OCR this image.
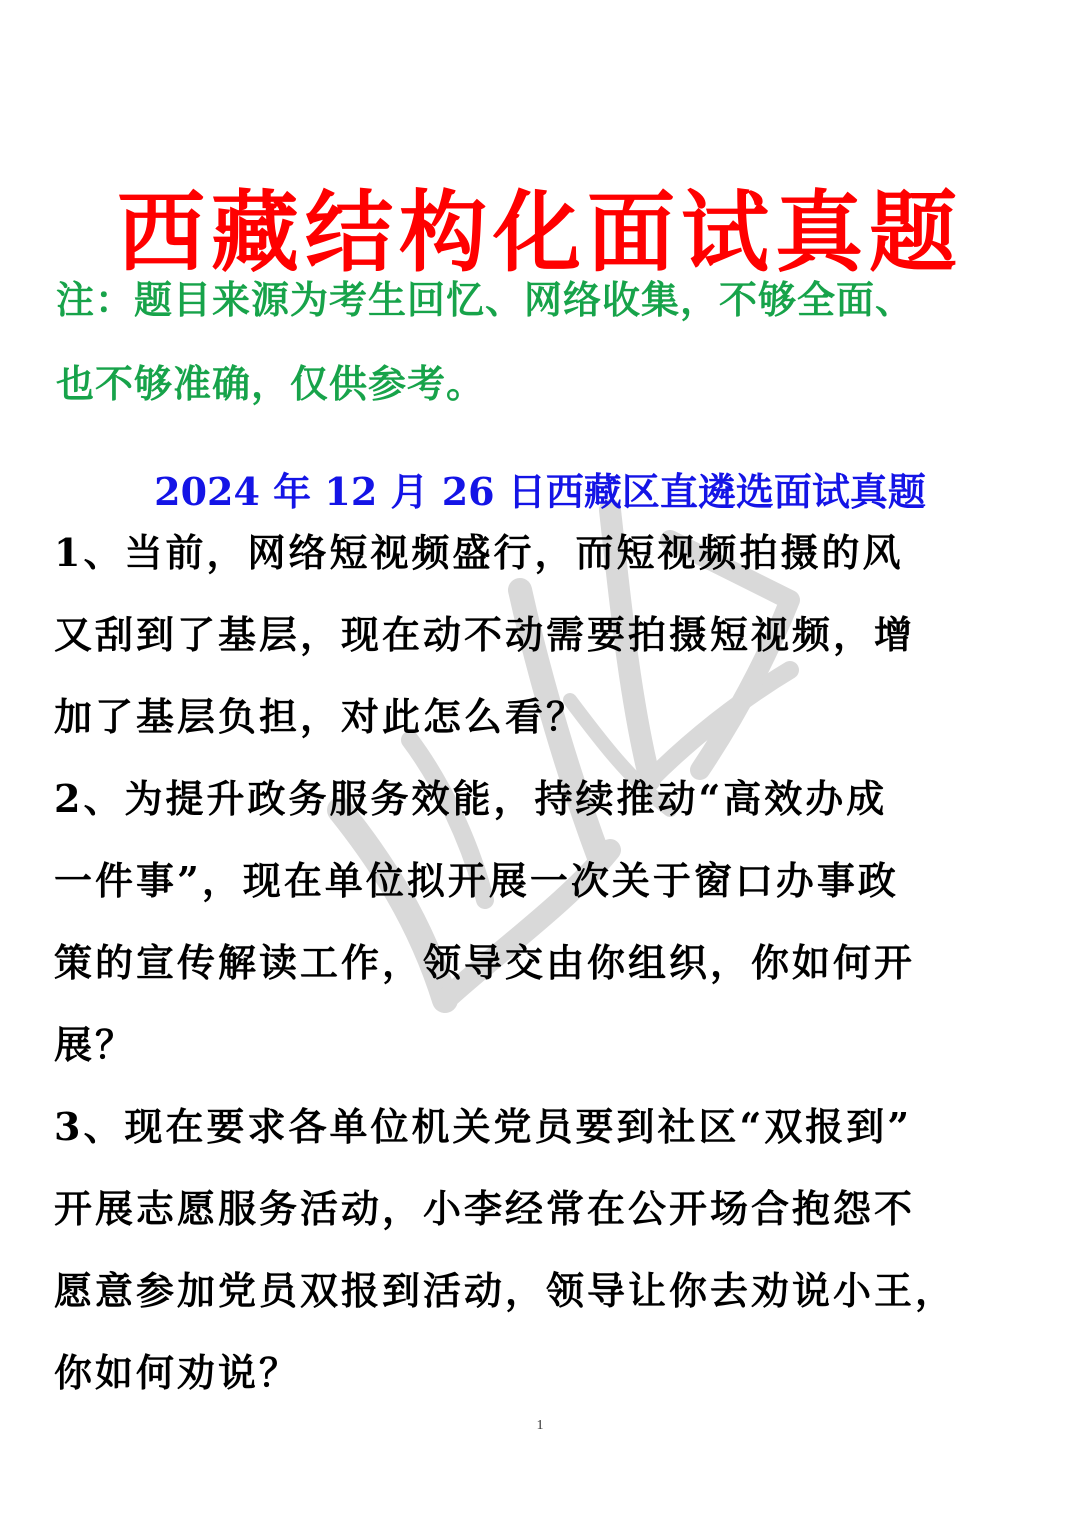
西藏结构化面试真题
注：题目来源为考生回忆、网络收集，不够全面、
也不够准确，仅供参考。
2024 年 12 月 26 日西藏区直遴选面试真题
1、当前，网络短视频盛行，而短视频拍摄的风
又刮到了基层，现在动不动需要拍摄短视频，增
加了基层负担，对此怎么看？
2、为提升政务服务效能，持续推动“高效办成
一件事”，现在单位拟开展一次关于窗口办事政
策的宣传解读工作，领导交由你组织，你如何开
展？
3、现在要求各单位机关党员要到社区“双报到”
开展志愿服务活动，小李经常在公开场合抱怨不
愿意参加党员双报到活动，领导让你去劝说小王，
你如何劝说？
1
